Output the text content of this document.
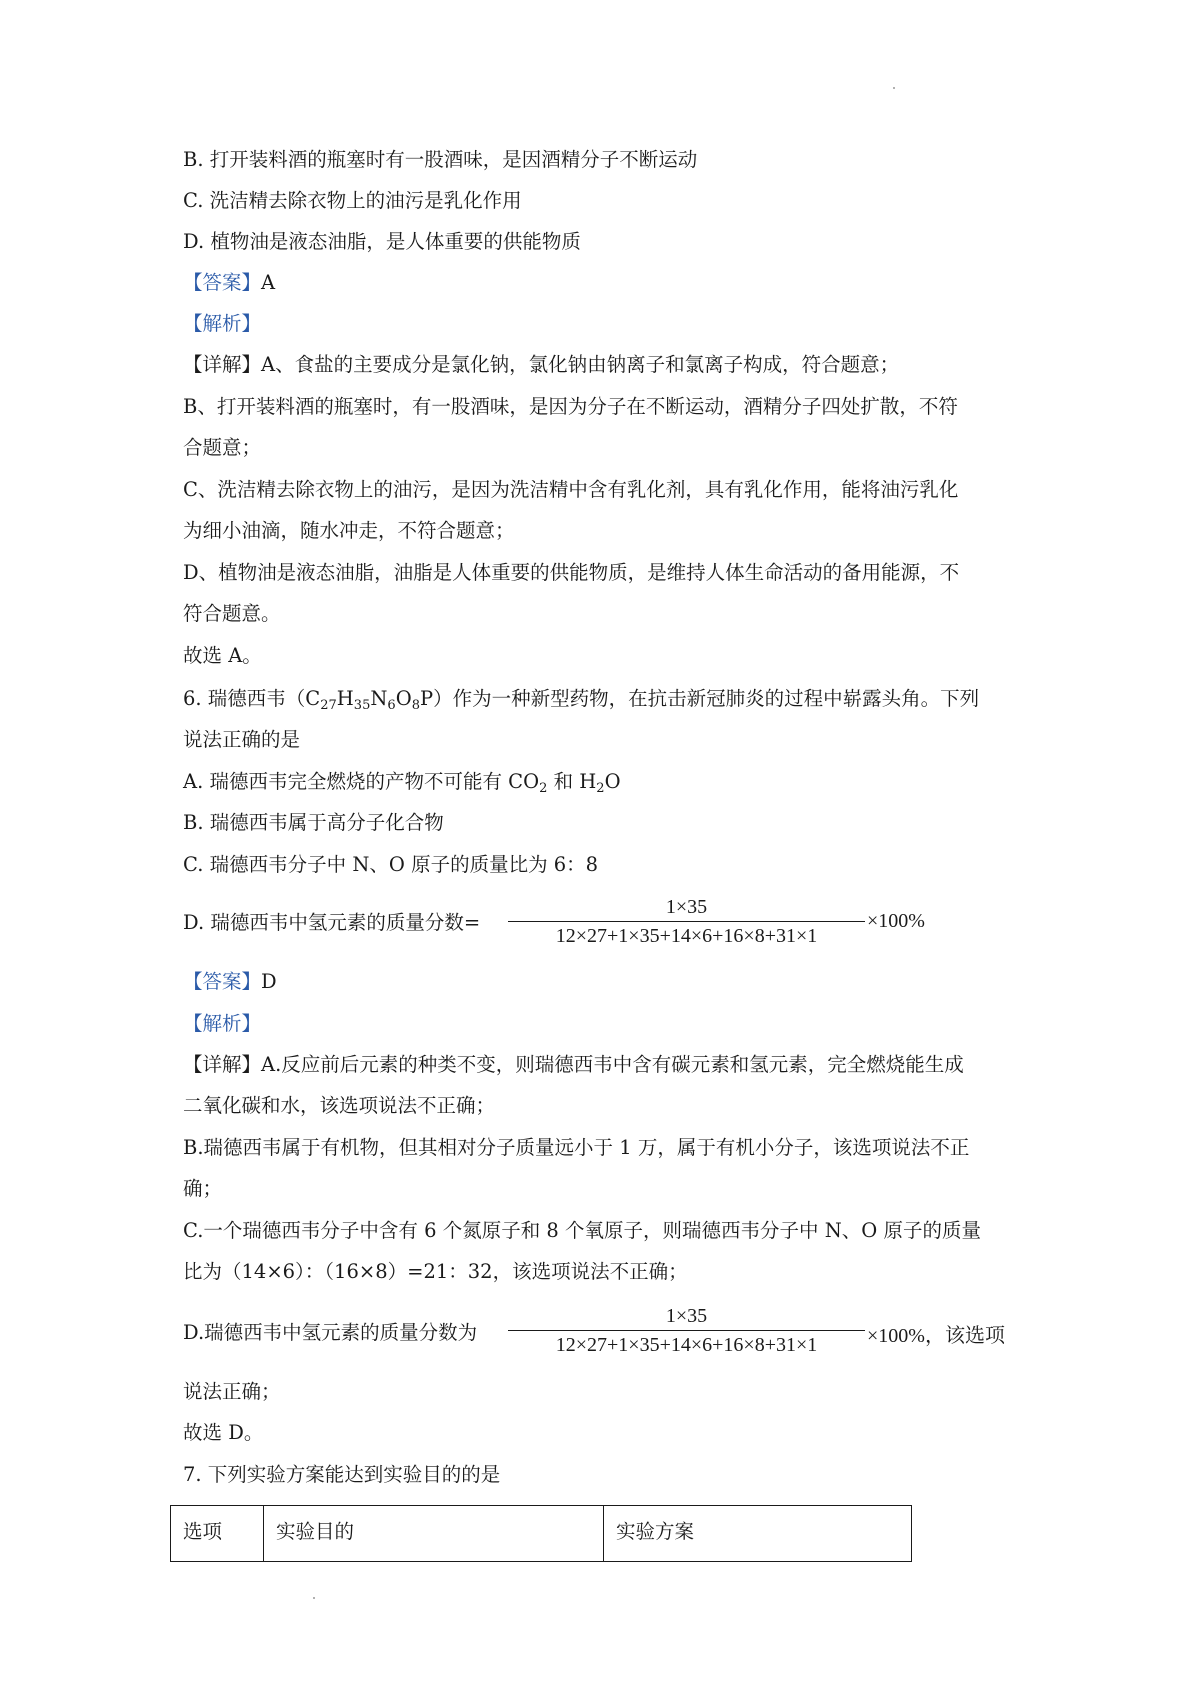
B. 打开装料酒的瓶塞时有一股酒味，是因酒精分子不断运动
C. 洗洁精去除衣物上的油污是乳化作用
D. 植物油是液态油脂，是人体重要的供能物质
【答案】A
【解析】
【详解】A、食盐的主要成分是氯化钠，氯化钠由钠离子和氯离子构成，符合题意；
B、打开装料酒的瓶塞时，有一股酒味，是因为分子在不断运动，酒精分子四处扩散，不符
合题意；
C、洗洁精去除衣物上的油污，是因为洗洁精中含有乳化剂，具有乳化作用，能将油污乳化
为细小油滴，随水冲走，不符合题意；
D、植物油是液态油脂，油脂是人体重要的供能物质，是维持人体生命活动的备用能源，不
符合题意。
故选 A。
6. 瑞德西韦$(C_{27}H_{35}N_6O_8P)$作为一种新型药物，在抗击新冠肺炎的过程中崭露头角。下列
说法正确的是
A. 瑞德西韦完全燃烧的产物不可能有 $CO_2$ 和 $H_2O$
B. 瑞德西韦属于高分子化合物
C. 瑞德西韦分子中 N、O 原子的质量比为 6：8
D. 瑞德西韦中氢元素的质量分数=
1×35
12×27+1×35+14×6+16×8+31×1
×100%
【答案】D
【解析】
【详解】A.反应前后元素的种类不变，则瑞德西韦中含有碳元素和氢元素，完全燃烧能生成
二氧化碳和水，该选项说法不正确；
B.瑞德西韦属于有机物，但其相对分子质量远小于 1 万，属于有机小分子，该选项说法不正
确；
C.一个瑞德西韦分子中含有 6 个氮原子和 8 个氧原子，则瑞德西韦分子中 N、O 原子的质量
比为（14×6）：（16×8）=21：32，该选项说法不正确；
D.瑞德西韦中氢元素的质量分数为
1×35
12×27+1×35+14×6+16×8+31×1	×100%，该选项
说法正确；
故选 D。
7. 下列实验方案能达到实验目的的是
选项	实验目的	实验方案
